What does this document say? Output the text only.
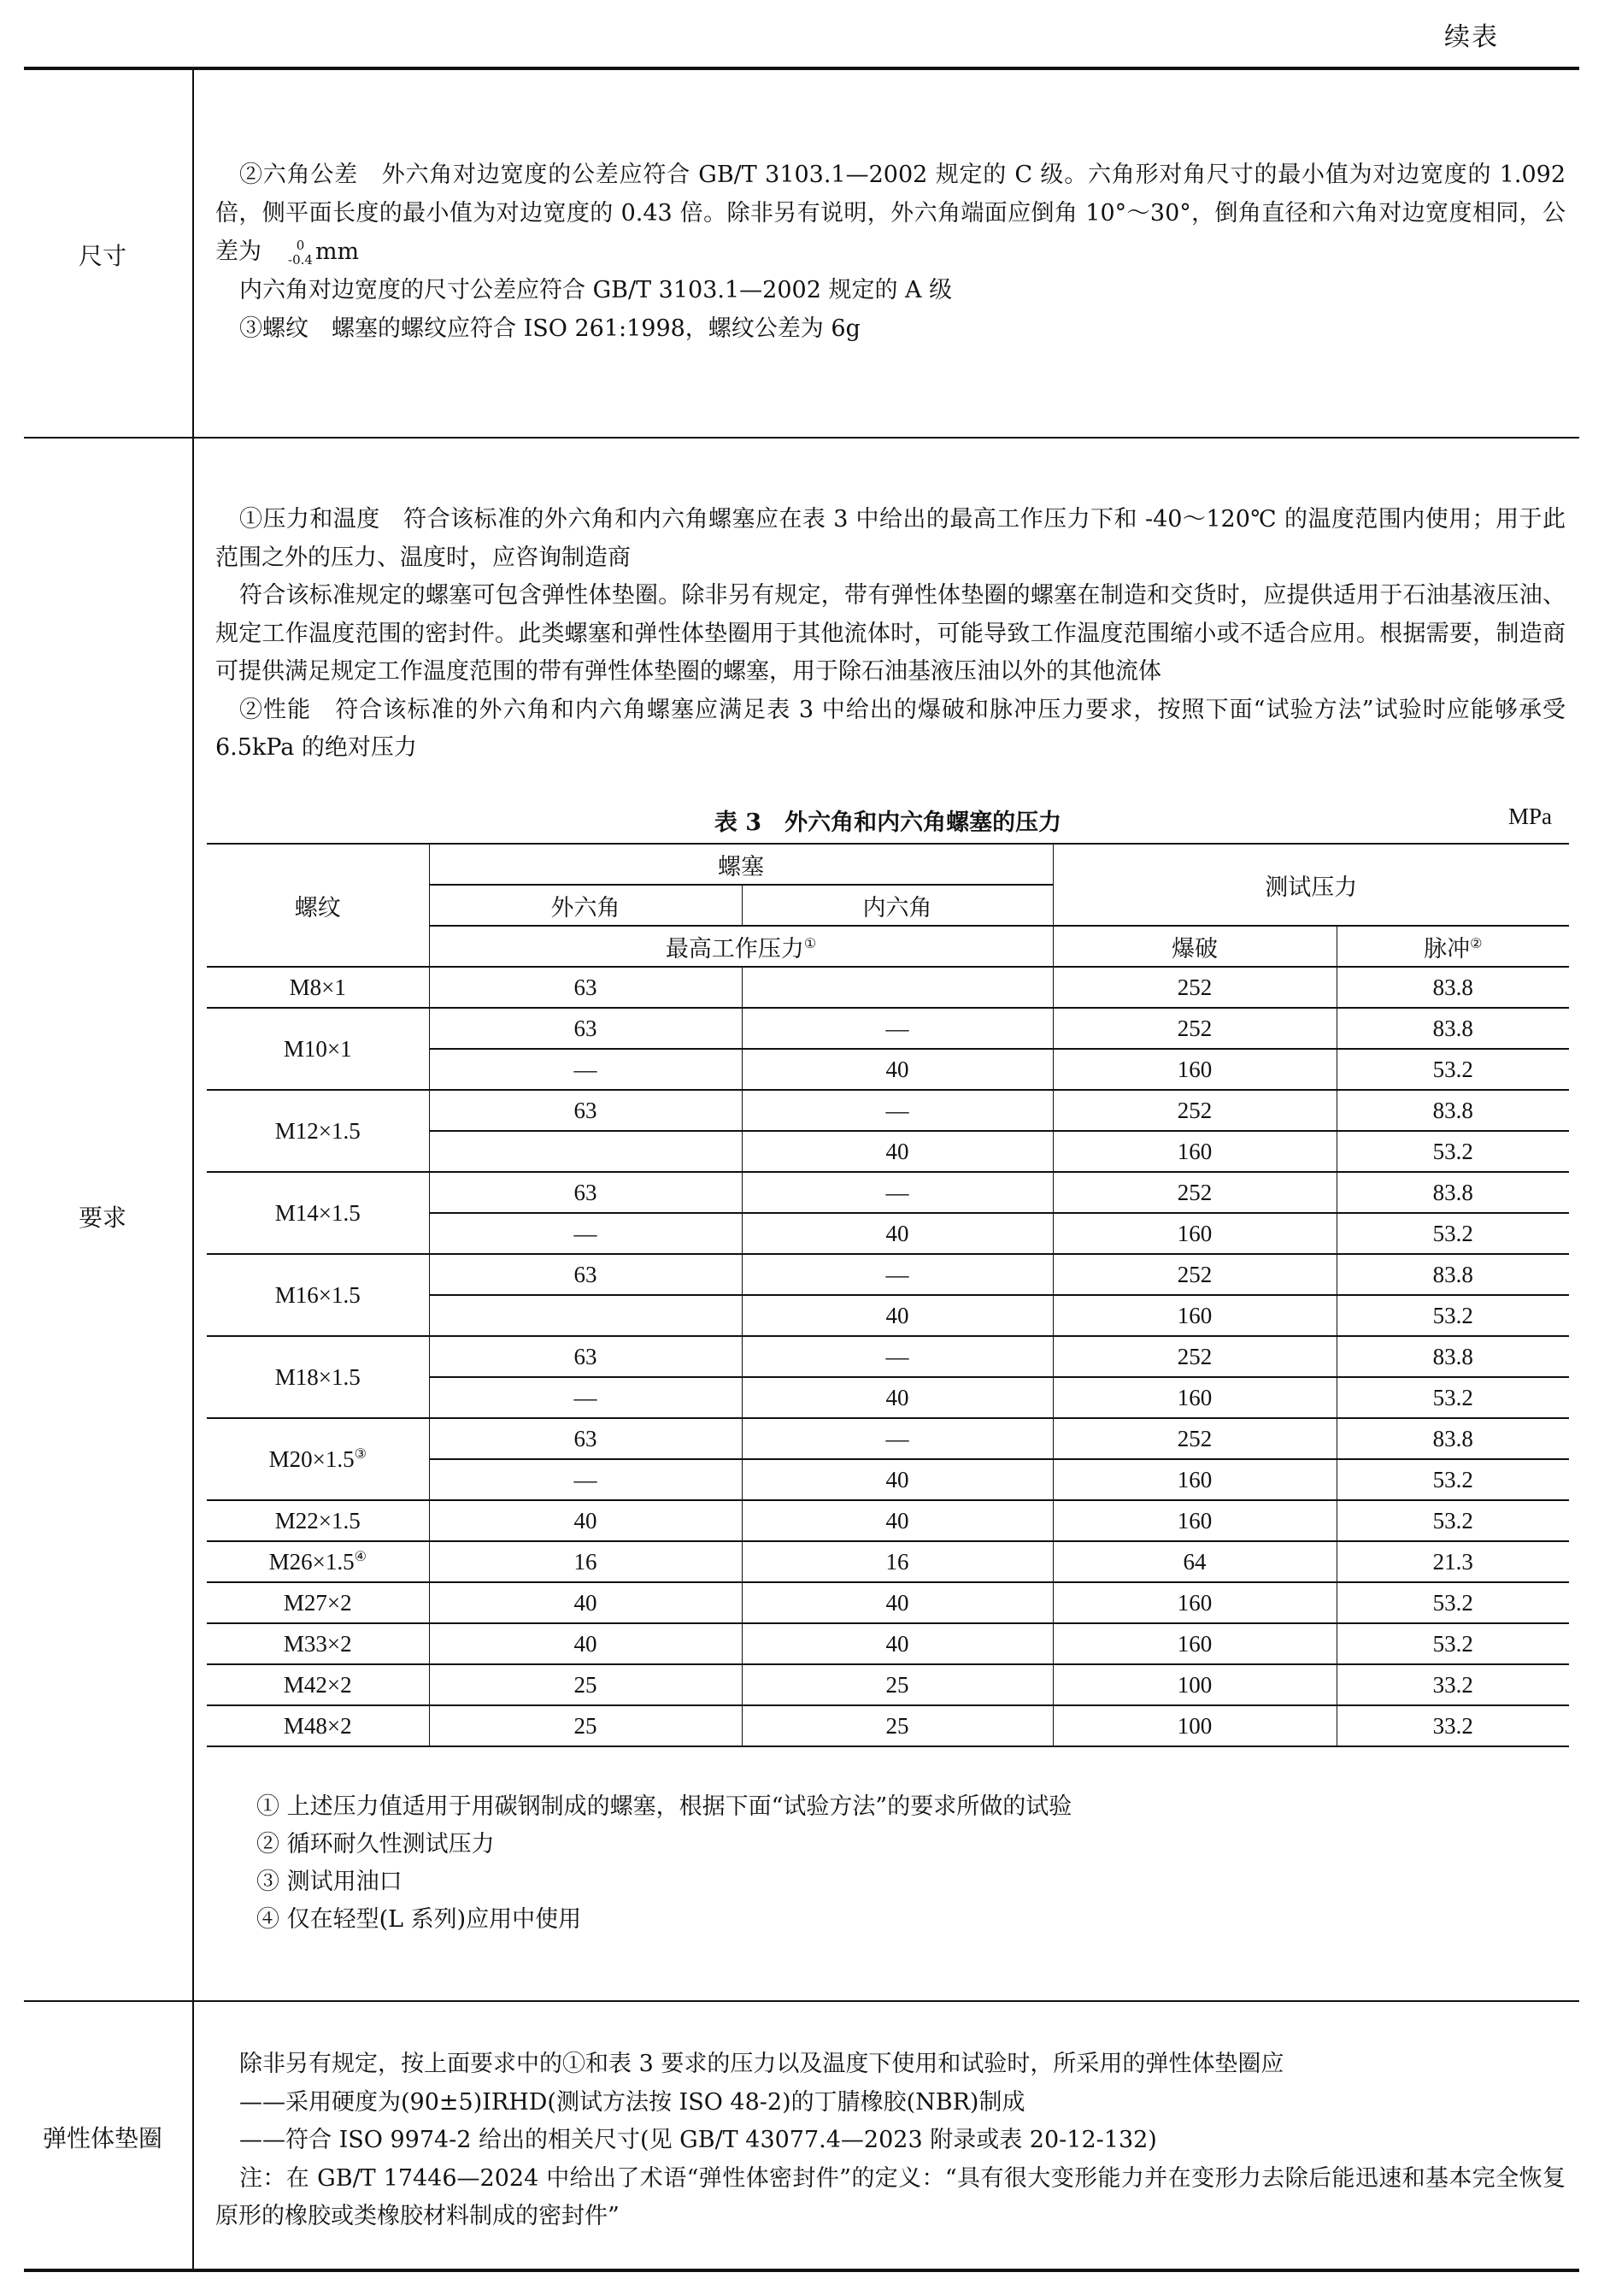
续表
尺寸

②六角公差　外六角对边宽度的公差应符合 GB/T 3103.1—2002 规定的 C 级。六角形对角尺寸的最小值为对边宽度的 1.092 倍，侧平面长度的最小值为对边宽度的 0.43 倍。除非另有说明，外六角端面应倒角 10°～30°，倒角直径和六角对边宽度相同，公差为	0
-0.4 mm

内六角对边宽度的尺寸公差应符合 GB/T 3103.1—2002 规定的 A 级

③螺纹　螺塞的螺纹应符合 ISO 261:1998，螺纹公差为 6g

要求

①压力和温度　符合该标准的外六角和内六角螺塞应在表 3 中给出的最高工作压力下和 -40～120℃ 的温度范围内使用；用于此范围之外的压力、温度时，应咨询制造商

符合该标准规定的螺塞可包含弹性体垫圈。除非另有规定，带有弹性体垫圈的螺塞在制造和交货时，应提供适用于石油基液压油、规定工作温度范围的密封件。此类螺塞和弹性体垫圈用于其他流体时，可能导致工作温度范围缩小或不适合应用。根据需要，制造商可提供满足规定工作温度范围的带有弹性体垫圈的螺塞，用于除石油基液压油以外的其他流体

②性能　符合该标准的外六角和内六角螺塞应满足表 3 中给出的爆破和脉冲压力要求，按照下面“试验方法”试验时应能够承受 6.5kPa 的绝对压力

表 3　外六角和内六角螺塞的压力	MPa
螺纹	螺塞		测试压力	
	外六角	内六角		
	最高工作压力①		爆破	脉冲②
M8×1	63		252	83.8
M10×1	63	—	252	83.8
	—	40	160	53.2
M12×1.5	63	—	252	83.8
		40	160	53.2
M14×1.5	63	—	252	83.8
	—	40	160	53.2
M16×1.5	63	—	252	83.8
		40	160	53.2
M18×1.5	63	—	252	83.8
	—	40	160	53.2
M20×1.5③	63	—	252	83.8
	—	40	160	53.2
M22×1.5	40	40	160	53.2
M26×1.5④	16	16	64	21.3
M27×2	40	40	160	53.2
M33×2	40	40	160	53.2
M42×2	25	25	100	33.2
M48×2	25	25	100	33.2

① 上述压力值适用于用碳钢制成的螺塞，根据下面“试验方法”的要求所做的试验

② 循环耐久性测试压力

③ 测试用油口

④ 仅在轻型(L 系列)应用中使用

弹性体垫圈

除非另有规定，按上面要求中的①和表 3 要求的压力以及温度下使用和试验时，所采用的弹性体垫圈应

——采用硬度为(90±5)IRHD(测试方法按 ISO 48-2)的丁腈橡胶(NBR)制成

——符合 ISO 9974-2 给出的相关尺寸(见 GB/T 43077.4—2023 附录或表 20-12-132)

注：在 GB/T 17446—2024 中给出了术语“弹性体密封件”的定义：“具有很大变形能力并在变形力去除后能迅速和基本完全恢复原形的橡胶或类橡胶材料制成的密封件”
